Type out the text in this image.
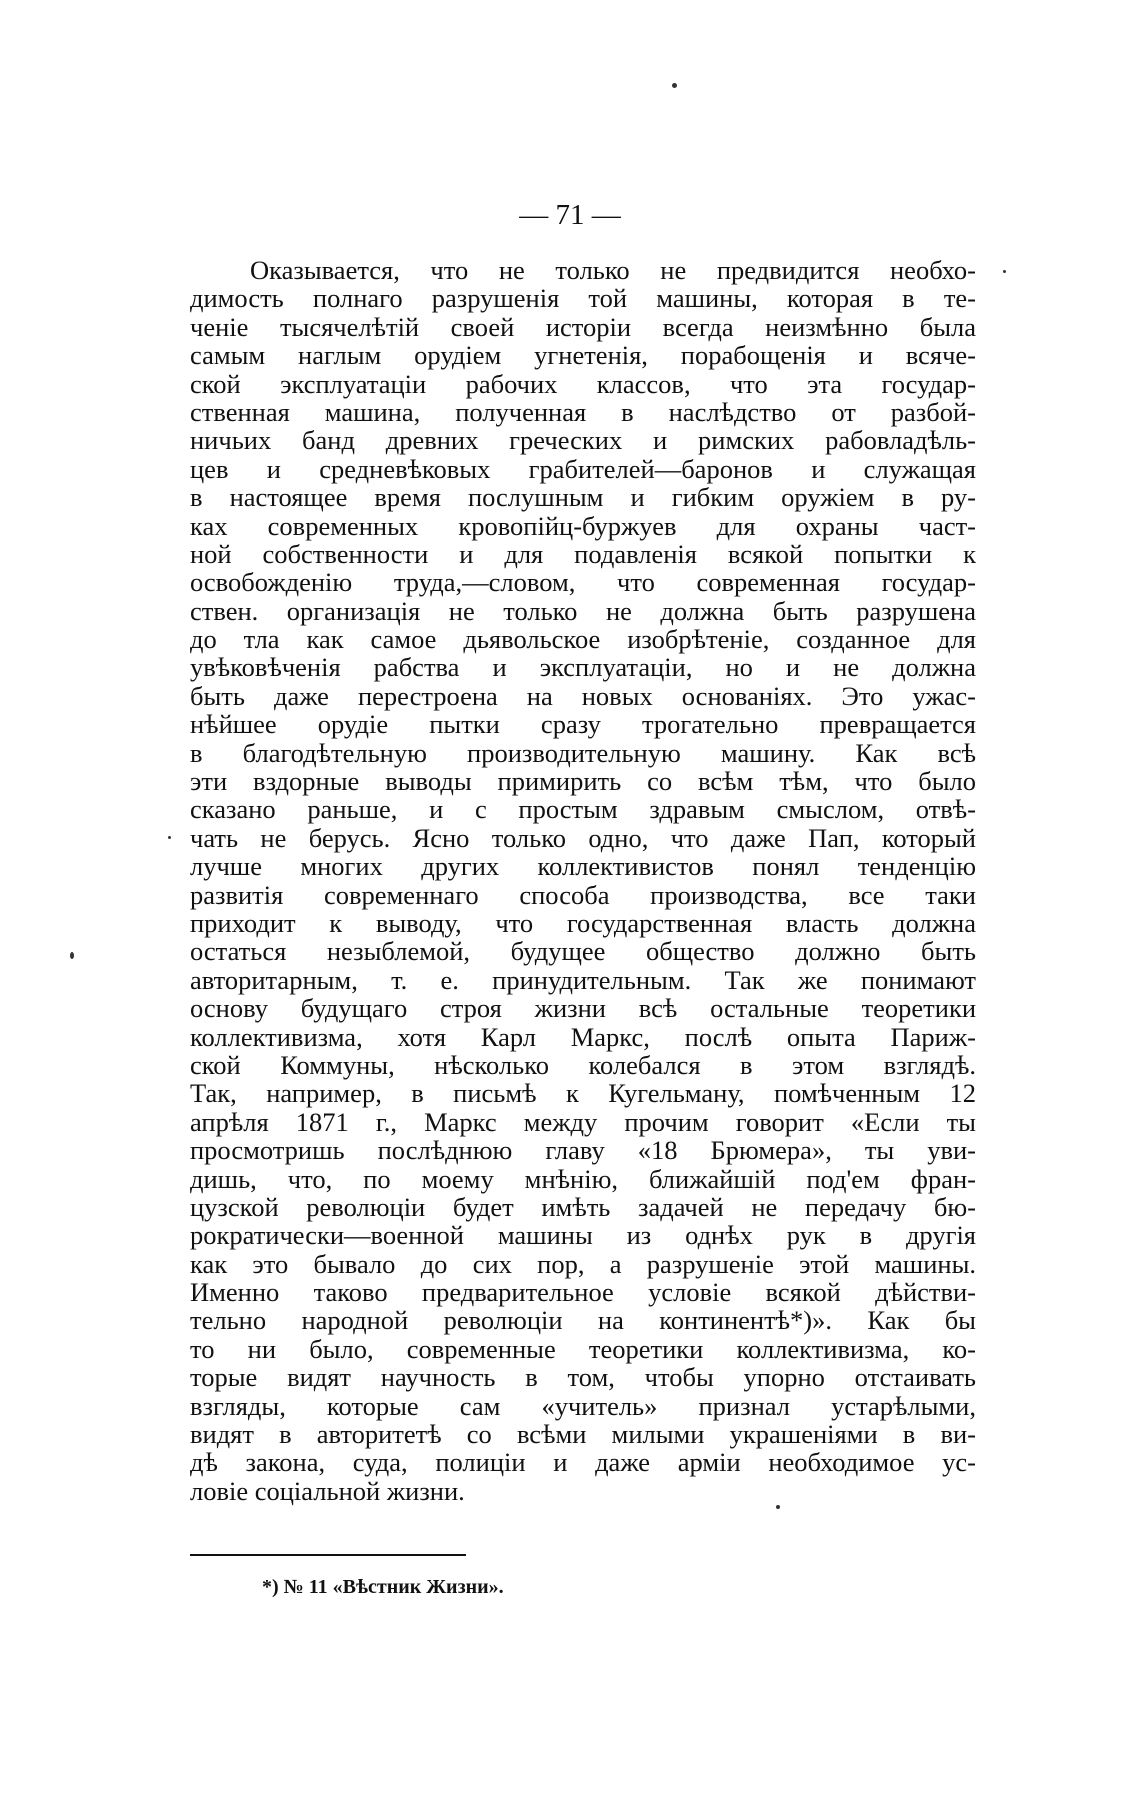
— 71 —
Оказывается, что не только не предвидится необхо-
димость полнаго разрушенія той машины, которая в те-
ченіе тысячелѣтій своей исторіи всегда неизмѣнно была
самым наглым орудіем угнетенія, порабощенія и всяче-
ской эксплуатаціи рабочих классов, что эта государ-
ственная машина, полученная в наслѣдство от разбой-
ничьих банд древних греческих и римских рабовладѣль-
цев и средневѣковых грабителей—баронов и служащая
в настоящее время послушным и гибким оружіем в ру-
ках современных кровопійц-буржуев для охраны част-
ной собственности и для подавленія всякой попытки к
освобожденію труда,—словом, что современная государ-
ствен. организація не только не должна быть разрушена
до тла как самое дьявольское изобрѣтеніе, созданное для
увѣковѣченія рабства и эксплуатаціи, но и не должна
быть даже перестроена на новых основаніях. Это ужас-
нѣйшее орудіе пытки сразу трогательно превращается
в благодѣтельную производительную машину. Как всѣ
эти вздорные выводы примирить со всѣм тѣм, что было
сказано раньше, и с простым здравым смыслом, отвѣ-
чать не берусь. Ясно только одно, что даже Пап, который
лучше многих других коллективистов понял тенденцію
развитія современнаго способа производства, все таки
приходит к выводу, что государственная власть должна
остаться незыблемой, будущее общество должно быть
авторитарным, т. е. принудительным. Так же понимают
основу будущаго строя жизни всѣ остальные теоретики
коллективизма, хотя Карл Маркс, послѣ опыта Париж-
ской Коммуны, нѣсколько колебался в этом взглядѣ.
Так, например, в письмѣ к Кугельману, помѣченным 12
апрѣля 1871 г., Маркс между прочим говорит «Если ты
просмотришь послѣднюю главу «18 Брюмера», ты уви-
дишь, что, по моему мнѣнію, ближайшій под'ем фран-
цузской революціи будет имѣть задачей не передачу бю-
рократически—военной машины из однѣх рук в другія
как это бывало до сих пор, а разрушеніе этой машины.
Именно таково предварительное условіе всякой дѣйстви-
тельно народной революціи на континентѣ*)». Как бы
то ни было, современные теоретики коллективизма, ко-
торые видят научность в том, чтобы упорно отстаивать
взгляды, которые сам «учитель» признал устарѣлыми,
видят в авторитетѣ со всѣми милыми украшеніями в ви-
дѣ закона, суда, полиціи и даже арміи необходимое ус-
ловіе соціальной жизни.
*) № 11 «Вѣстник Жизни».
